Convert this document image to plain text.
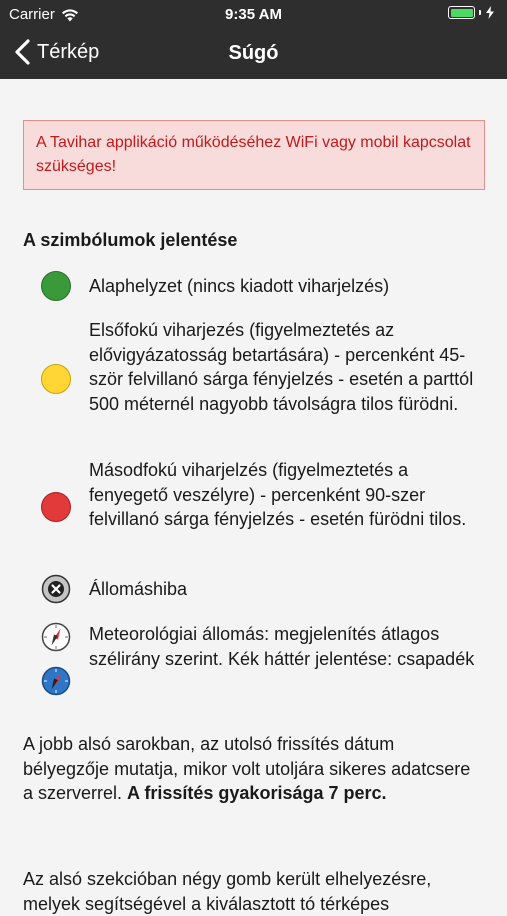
Carrier	9:35 AM
Térkép	Súgó
A Tavihar applikáció működéséhez WiFi vagy mobil kapcsolat szükséges!
A szimbólumok jelentése
Alaphelyzet (nincs kiadott viharjelzés)
Elsőfokú viharjezés (figyelmeztetés az elővigyázatosság betartására) - percenként 45-ször felvillanó sárga fényjelzés - esetén a parttól 500 méternél nagyobb távolságra tilos fürödni.
Másodfokú viharjelzés (figyelmeztetés a fenyegető veszélyre) - percenként 90-szer felvillanó sárga fényjelzés - esetén fürödni tilos.
Állomáshiba
Meteorológiai állomás: megjelenítés átlagos szélirány szerint. Kék háttér jelentése: csapadék
A jobb alsó sarokban, az utolsó frissítés dátum bélyegzője mutatja, mikor volt utoljára sikeres adatcsere a szerverrel. A frissítés gyakorisága 7 perc.
Az alsó szekcióban négy gomb került elhelyezésre, melyek segítségével a kiválasztott tó térképes
